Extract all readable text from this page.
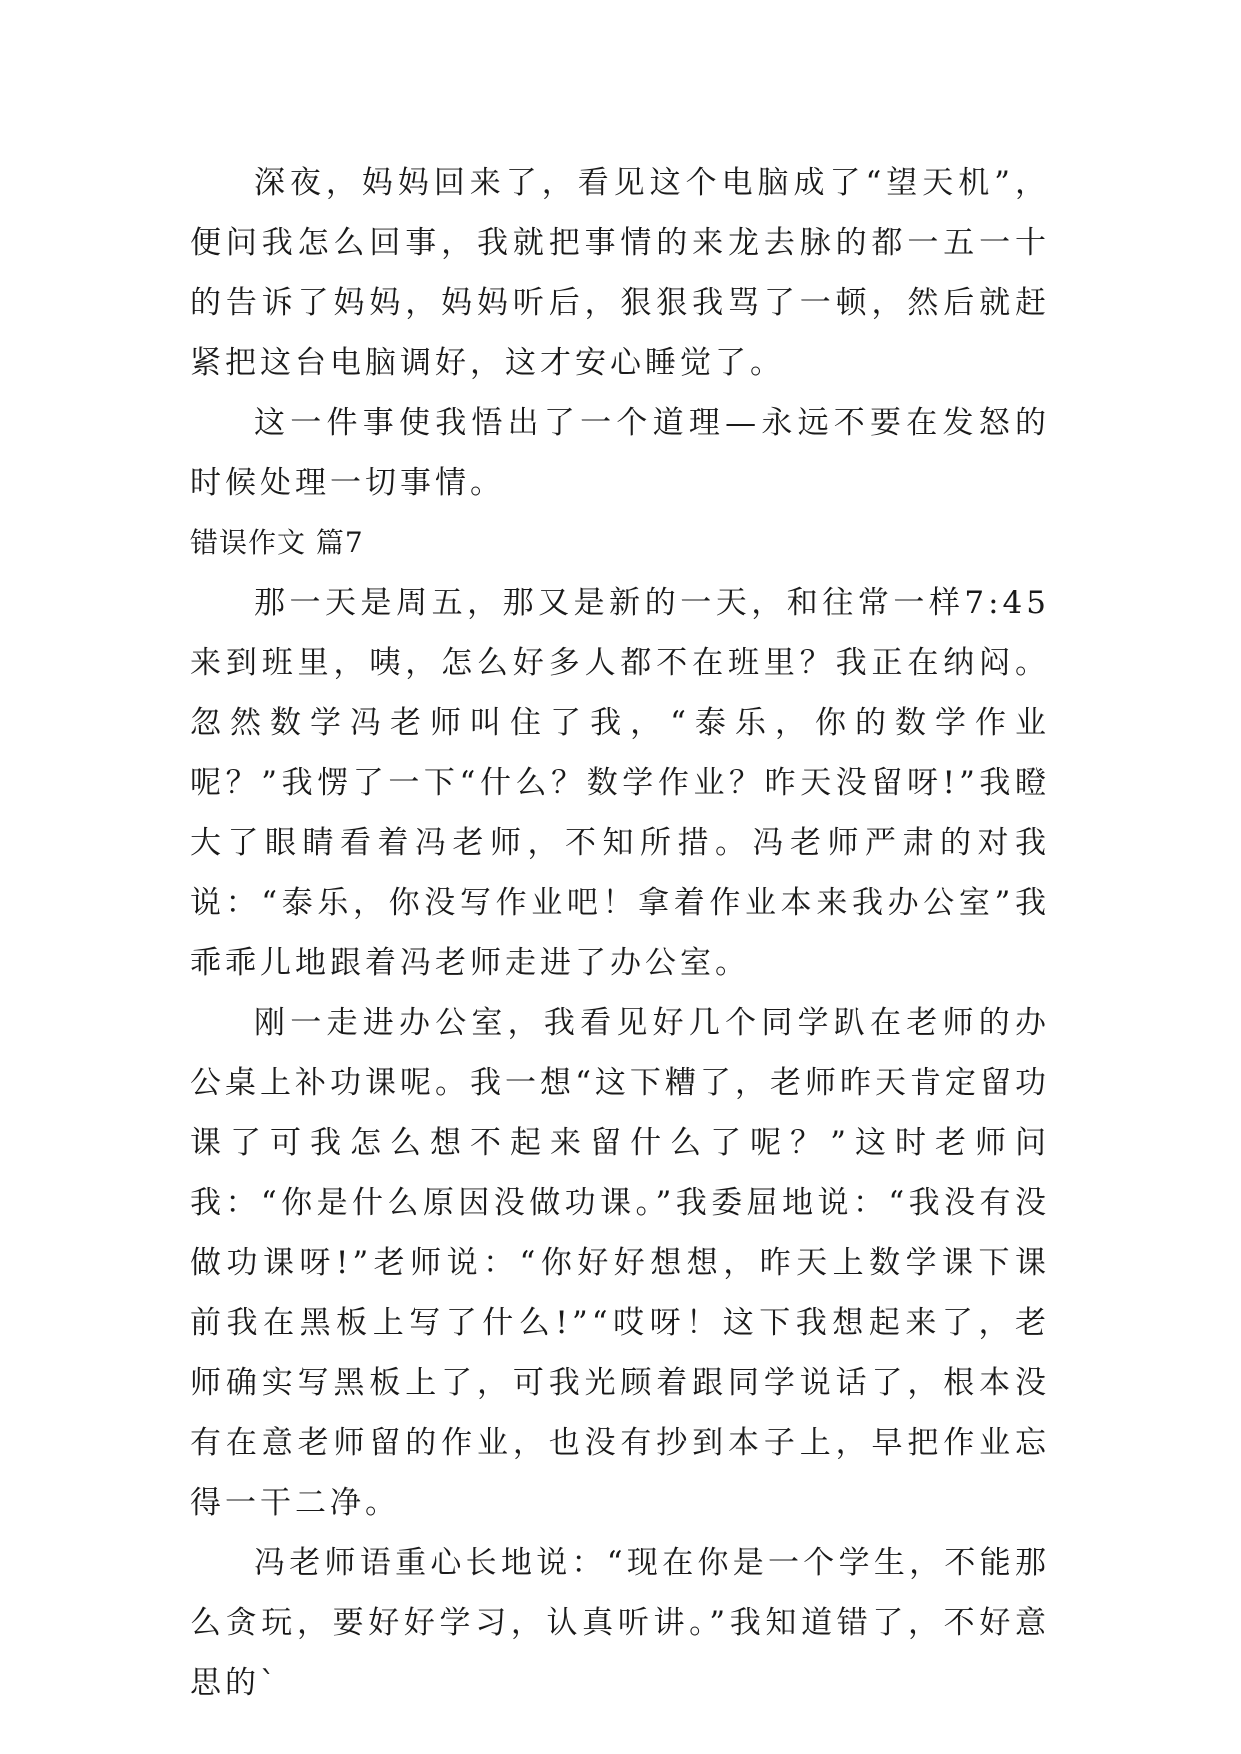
深夜，妈妈回来了，看见这个电脑成了“望天机”，便问我怎么回事，我就把事情的来龙去脉的都一五一十的告诉了妈妈，妈妈听后，狠狠我骂了一顿，然后就赶紧把这台电脑调好，这才安心睡觉了。

这一件事使我悟出了一个道理—永远不要在发怒的时候处理一切事情。

错误作文 篇7

那一天是周五，那又是新的一天，和往常一样7:45来到班里，咦，怎么好多人都不在班里？我正在纳闷。忽然数学冯老师叫住了我，“泰乐，你的数学作业呢？”我愣了一下“什么？数学作业？昨天没留呀!”我瞪大了眼睛看着冯老师，不知所措。冯老师严肃的对我说：“泰乐，你没写作业吧！拿着作业本来我办公室”我乖乖儿地跟着冯老师走进了办公室。

刚一走进办公室，我看见好几个同学趴在老师的办公桌上补功课呢。我一想“这下糟了，老师昨天肯定留功课了可我怎么想不起来留什么了呢？”这时老师问我：“你是什么原因没做功课。”我委屈地说：“我没有没做功课呀!”老师说：“你好好想想，昨天上数学课下课前我在黑板上写了什么!”“哎呀！这下我想起来了，老师确实写黑板上了，可我光顾着跟同学说话了，根本没有在意老师留的作业，也没有抄到本子上，早把作业忘得一干二净。

冯老师语重心长地说：“现在你是一个学生，不能那么贪玩，要好好学习，认真听讲。”我知道错了，不好意思的`
